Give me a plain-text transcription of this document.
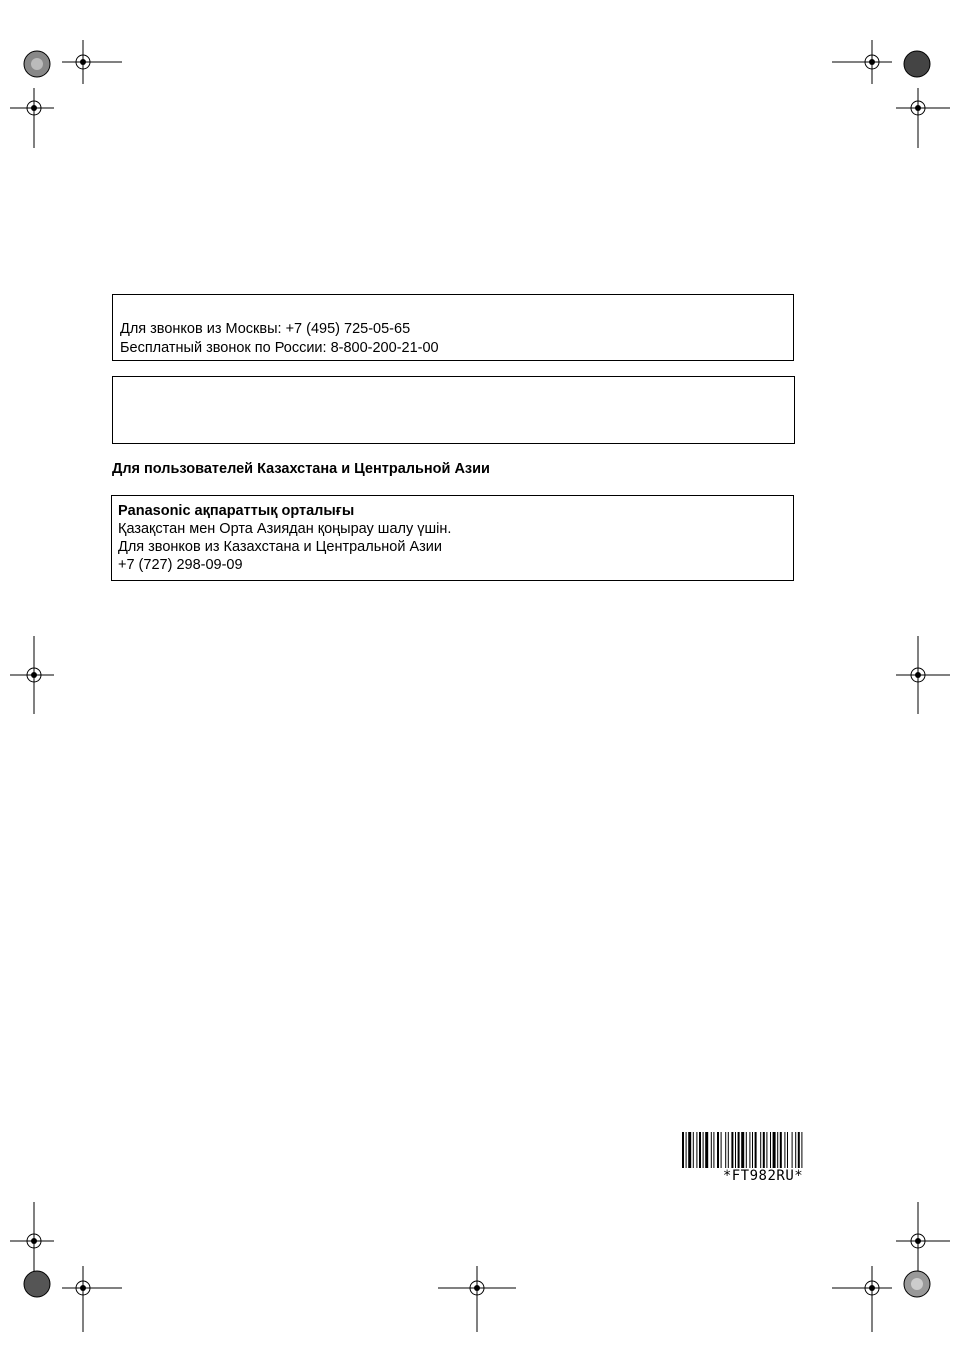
Для звонков из Москвы: +7 (495) 725-05-65
Бесплатный звонок по России: 8-800-200-21-00
Для пользователей Казахстана и Центральной Азии
Panasonic ақпараттық орталығы
Қазақстан мен Орта Азиядан қоңырау шалу үшін.
Для звонков из Казахстана и Центральной Азии
+7 (727) 298-09-09
*FT982RU*
